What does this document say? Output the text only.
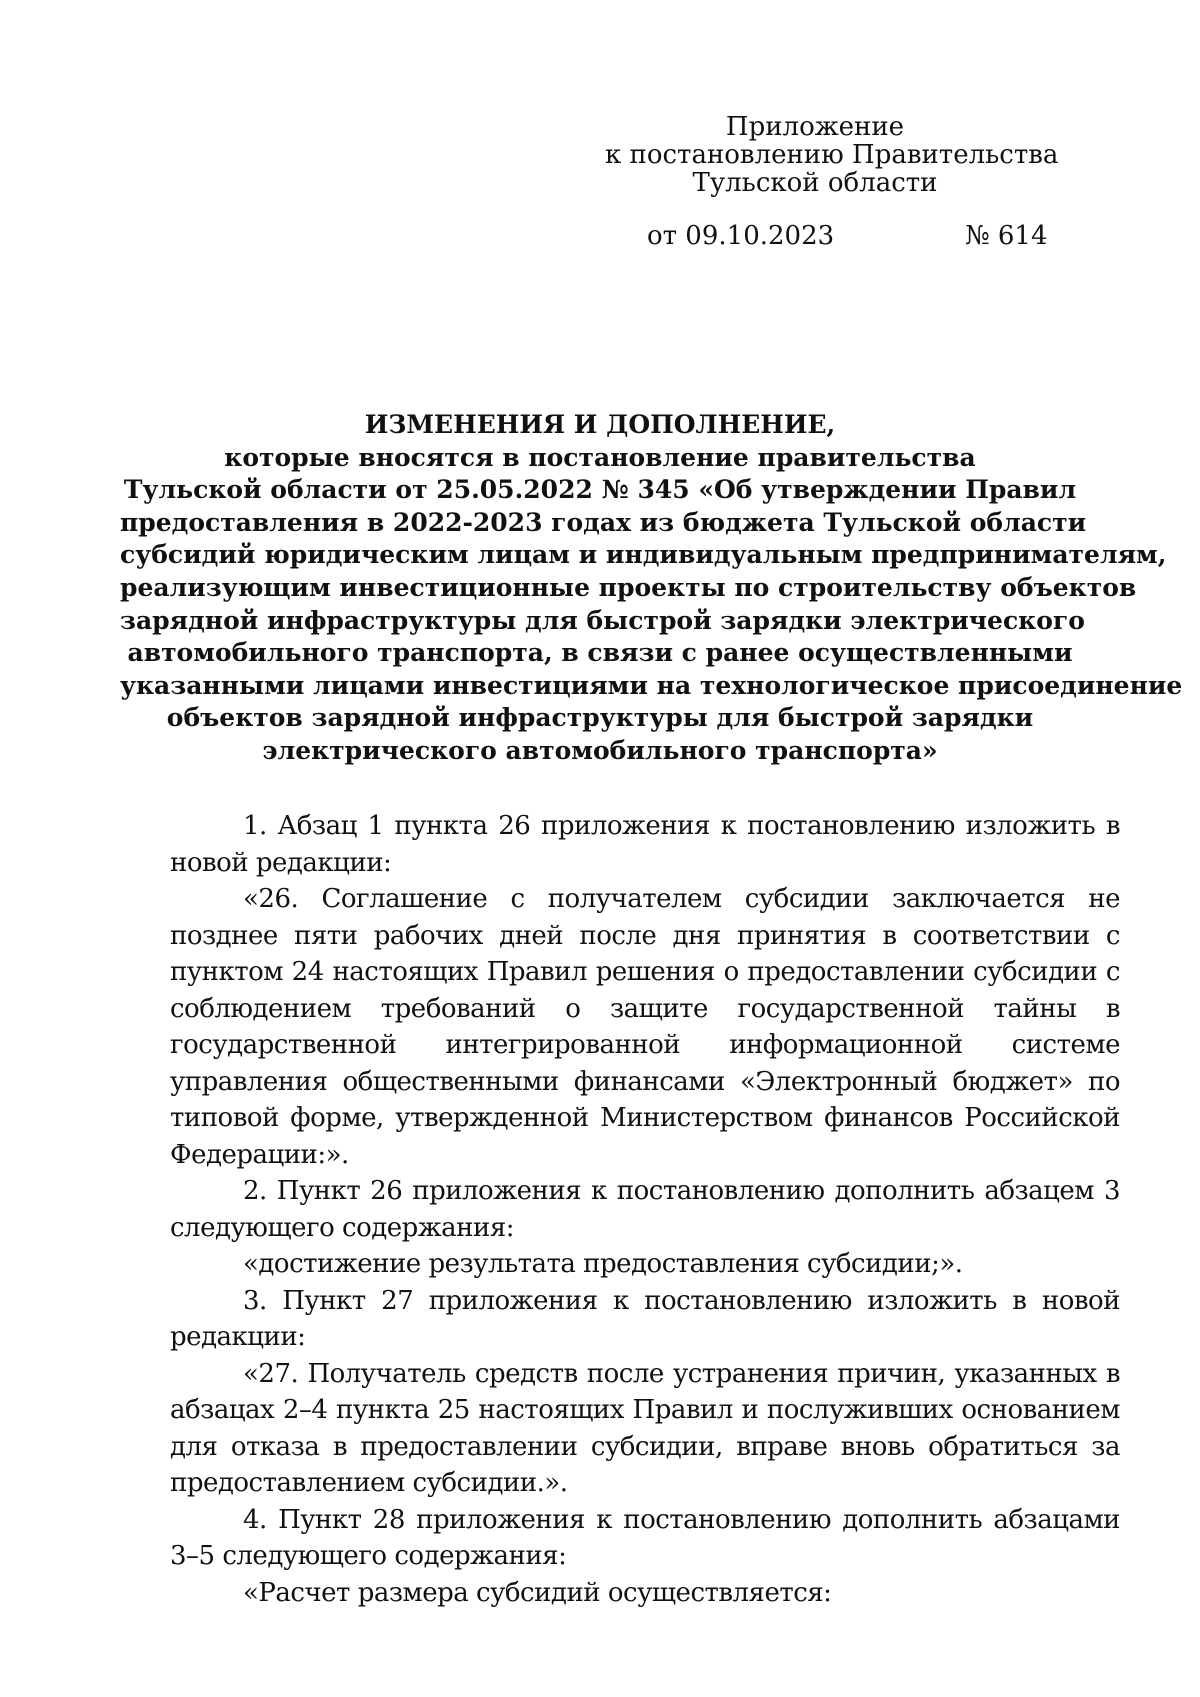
Приложение
к постановлению Правительства
Тульской области
от 09.10.2023	№ 614
ИЗМЕНЕНИЯ И ДОПОЛНЕНИЕ,
которые вносятся в постановление правительства
Тульской области от 25.05.2022 № 345 «Об утверждении Правил
предоставления в 2022-2023 годах из бюджета Тульской области
субсидий юридическим лицам и индивидуальным предпринимателям,
реализующим инвестиционные проекты по строительству объектов
зарядной инфраструктуры для быстрой зарядки электрического
автомобильного транспорта, в связи с ранее осуществленными
указанными лицами инвестициями на технологическое присоединение
объектов зарядной инфраструктуры для быстрой зарядки
электрического автомобильного транспорта»

1. Абзац 1 пункта 26 приложения к постановлению изложить в новой редакции:

«26. Соглашение с получателем субсидии заключается не позднее пяти рабочих дней после дня принятия в соответствии с пунктом 24 настоящих Правил решения о предоставлении субсидии с соблюдением требований о защите государственной тайны в государственной интегрированной информационной системе управления общественными финансами «Электронный бюджет» по типовой форме, утвержденной Министерством финансов Российской Федерации:».

2. Пункт 26 приложения к постановлению дополнить абзацем 3 следующего содержания:

«достижение результата предоставления субсидии;».

3. Пункт 27 приложения к постановлению изложить в новой редакции:

«27. Получатель средств после устранения причин, указанных в абзацах 2–4 пункта 25 настоящих Правил и послуживших основанием для отказа в предоставлении субсидии, вправе вновь обратиться за предоставлением субсидии.».

4. Пункт 28 приложения к постановлению дополнить абзацами 3–5 следующего содержания:

«Расчет размера субсидий осуществляется:
